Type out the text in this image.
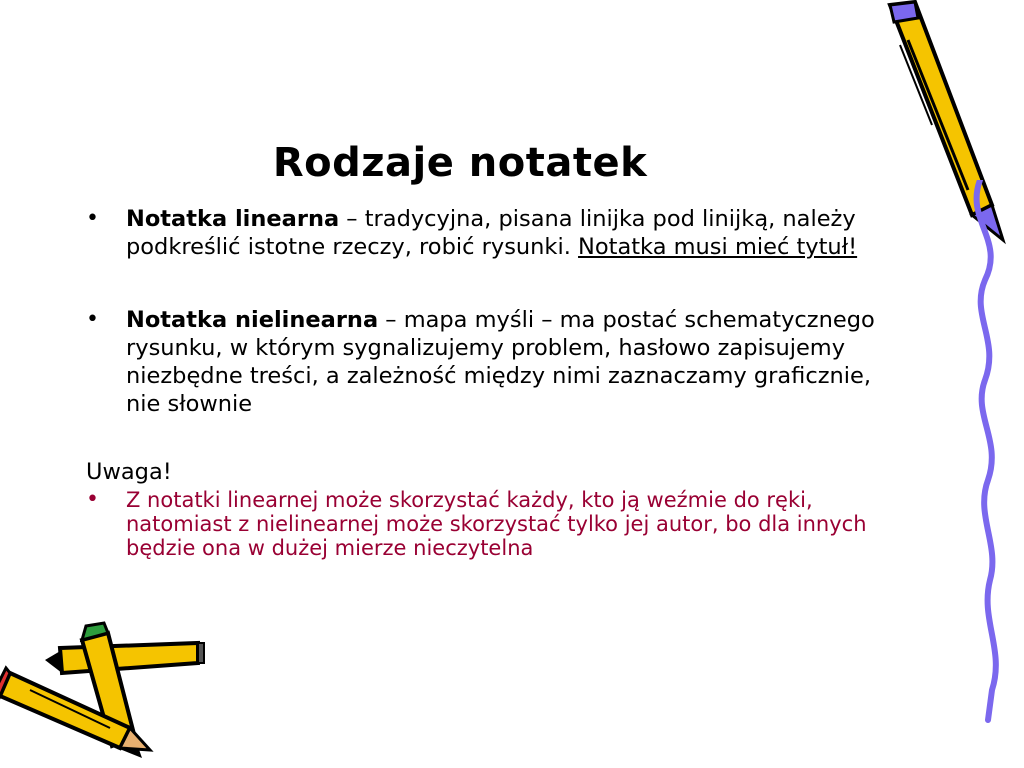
Rodzaje notatek
• Notatka linearna – tradycyjna, pisana linijka pod linijką, należy podkreślić istotne rzeczy, robić rysunki. Notatka musi mieć tytuł!
• Notatka nielinearna – mapa myśli – ma postać schematycznego rysunku, w którym sygnalizujemy problem, hasłowo zapisujemy niezbędne treści, a zależność między nimi zaznaczamy graficznie, nie słownie
Uwaga!
• Z notatki linearnej może skorzystać każdy, kto ją weźmie do ręki, natomiast z nielinearnej może skorzystać tylko jej autor, bo dla innych będzie ona w dużej mierze nieczytelna
